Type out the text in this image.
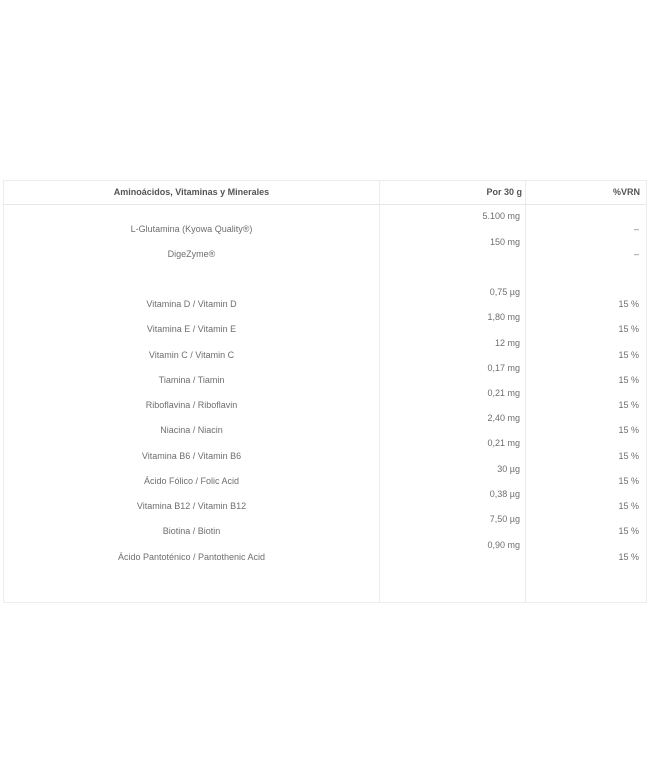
Aminoácidos, Vitaminas y Minerales	Por 30 g	%VRN
L-Glutamina (Kyowa Quality®)
DigeZyme®
Vitamina D / Vitamin D
Vitamina E / Vitamin E
Vitamin C / Vitamin C
Tiamina / Tiamin
Riboflavina / Riboflavin
Niacina / Niacin
Vitamina B6 / Vitamin B6
Ácido Fólico / Folic Acid
Vitamina B12 / Vitamin B12
Biotina / Biotin
Ácido Pantoténico / Pantothenic Acid
5.100 mg
150 mg
0,75 µg
1,80 mg
12 mg
0,17 mg
0,21 mg
2,40 mg
0,21 mg
30 µg
0,38 µg
7,50 µg
0,90 mg
–
–
15 %
15 %
15 %
15 %
15 %
15 %
15 %
15 %
15 %
15 %
15 %
